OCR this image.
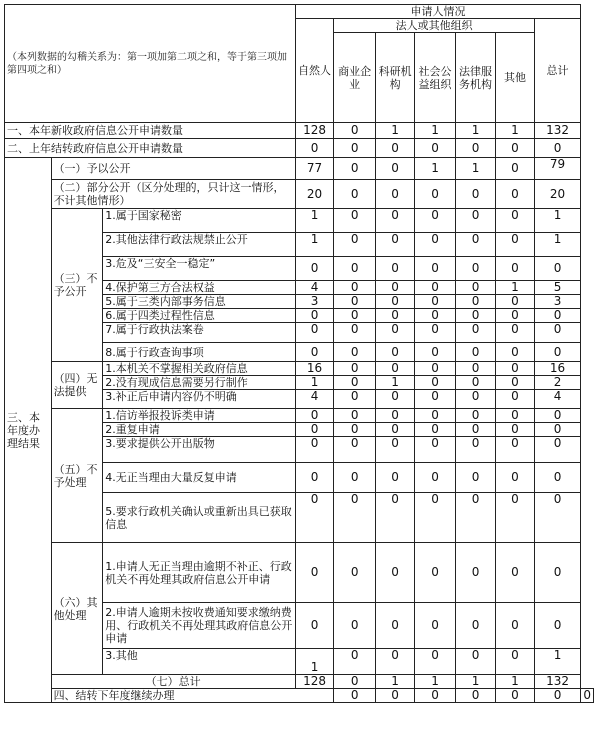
（本列数据的勾稽关系为：第一项加第二项之和，等于第三项加第四项之和）			申请人情况							
			自然人	法人或其他组织					总计	
				商业企业	科研机构	社会公益组织	法律服务机构	其他		
一、本年新收政府信息公开申请数量			128	0	1	1	1	1	132	
二、上年结转政府信息公开申请数量			0	0	0	0	0	0	0	
三、本年度办理结果	（一）予以公开		77	0	0	1	1	0	79	
	（二）部分公开（区分处理的，只计这一情形，不计其他情形）		20	0	0	0	0	0	20	
	（三）不予公开	1.属于国家秘密	1	0	0	0	0	0	1	
		2.其他法律行政法规禁止公开	1	0	0	0	0	0	1	
		3.危及“三安全一稳定”	0	0	0	0	0	0	0	
		4.保护第三方合法权益	4	0	0	0	0	1	5	
		5.属于三类内部事务信息	3	0	0	0	0	0	3	
		6.属于四类过程性信息	0	0	0	0	0	0	0	
		7.属于行政执法案卷	0	0	0	0	0	0	0	
		8.属于行政查询事项	0	0	0	0	0	0	0	
	（四）无法提供	1.本机关不掌握相关政府信息	16	0	0	0	0	0	16	
		2.没有现成信息需要另行制作	1	0	1	0	0	0	2	
		3.补正后申请内容仍不明确	4	0	0	0	0	0	4	
	（五）不予处理	1.信访举报投诉类申请	0	0	0	0	0	0	0	
		2.重复申请	0	0	0	0	0	0	0	
		3.要求提供公开出版物	0	0	0	0	0	0	0	
		4.无正当理由大量反复申请	0	0	0	0	0	0	0	
		5.要求行政机关确认或重新出具已获取信息	0	0	0	0	0	0	0	
	（六）其他处理	1.申请人无正当理由逾期不补正、行政机关不再处理其政府信息公开申请	0	0	0	0	0	0	0	
		2.申请人逾期未按收费通知要求缴纳费用、行政机关不再处理其政府信息公开申请	0	0	0	0	0	0	0	
		3.其他	1	0	0	0	0	0	1	
	（七）总计		128	0	1	1	1	1	132	
	四、结转下年度继续办理			0	0	0	0	0	0	0
